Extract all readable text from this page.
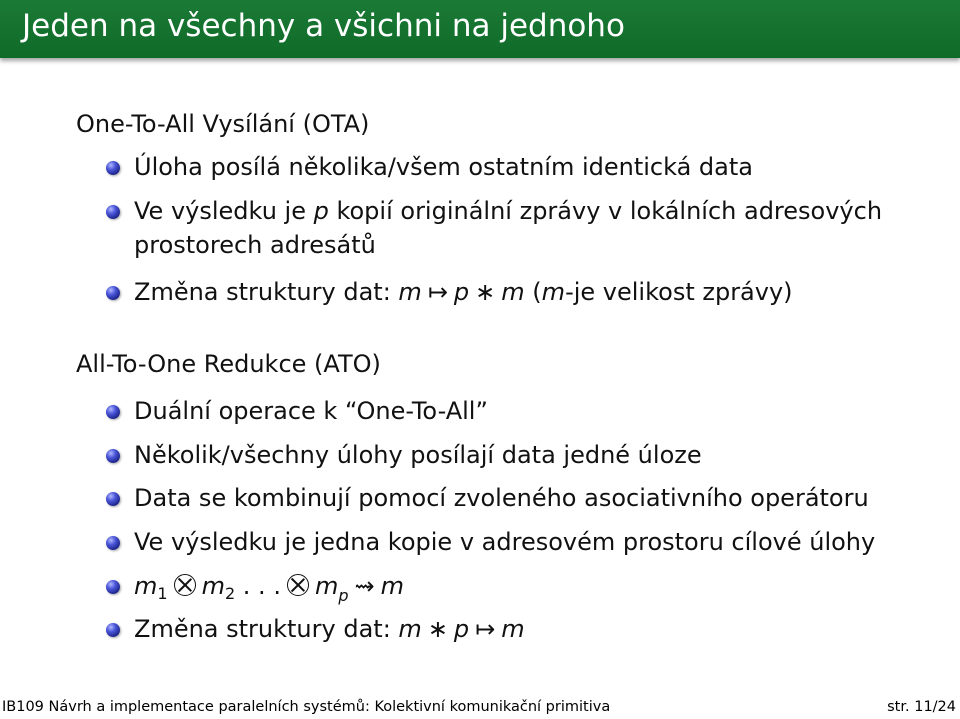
Jeden na všechny a všichni na jednoho
One-To-All Vysílání (OTA)
Úloha posílá několika/všem ostatním identická data
Ve výsledku je p kopií originální zprávy v lokálních adresových
prostorech adresátů
Změna struktury dat: m ↦ p ∗ m (m-je velikost zprávy)
All-To-One Redukce (ATO)
Duální operace k “One-To-All”
Několik/všechny úlohy posílají data jedné úloze
Data se kombinují pomocí zvoleného asociativního operátoru
Ve výsledku je jedna kopie v adresovém prostoru cílové úlohy
$m_1$ $m_2$ . . . $m_p$ ⇝ m
Změna struktury dat: m ∗ p ↦ m
IB109 Návrh a implementace paralelních systémů: Kolektivní komunikační primitiva	str. 11/24
